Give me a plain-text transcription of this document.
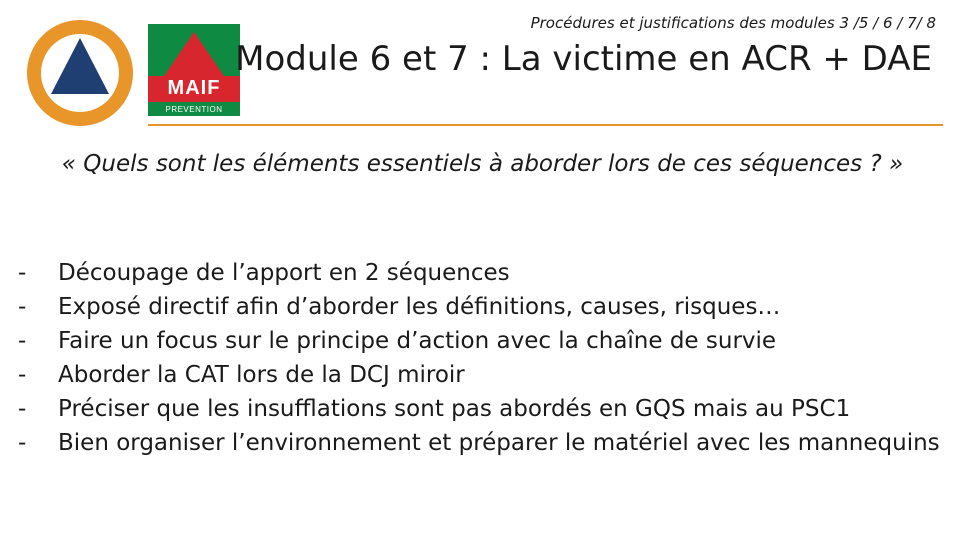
MAIF
PREVENTION
Procédures et justifications des modules 3 /5 / 6 / 7/ 8
Module 6 et 7 : La victime en ACR + DAE
« Quels sont les éléments essentiels à aborder lors de ces séquences ? »
- Découpage de l’apport en 2 séquences
- Exposé directif afin d’aborder les définitions, causes, risques…
- Faire un focus sur le principe d’action avec la chaîne de survie
- Aborder la CAT lors de la DCJ miroir
- Préciser que les insufflations sont pas abordés en GQS mais au PSC1
- Bien organiser l’environnement et préparer le matériel avec les mannequins
